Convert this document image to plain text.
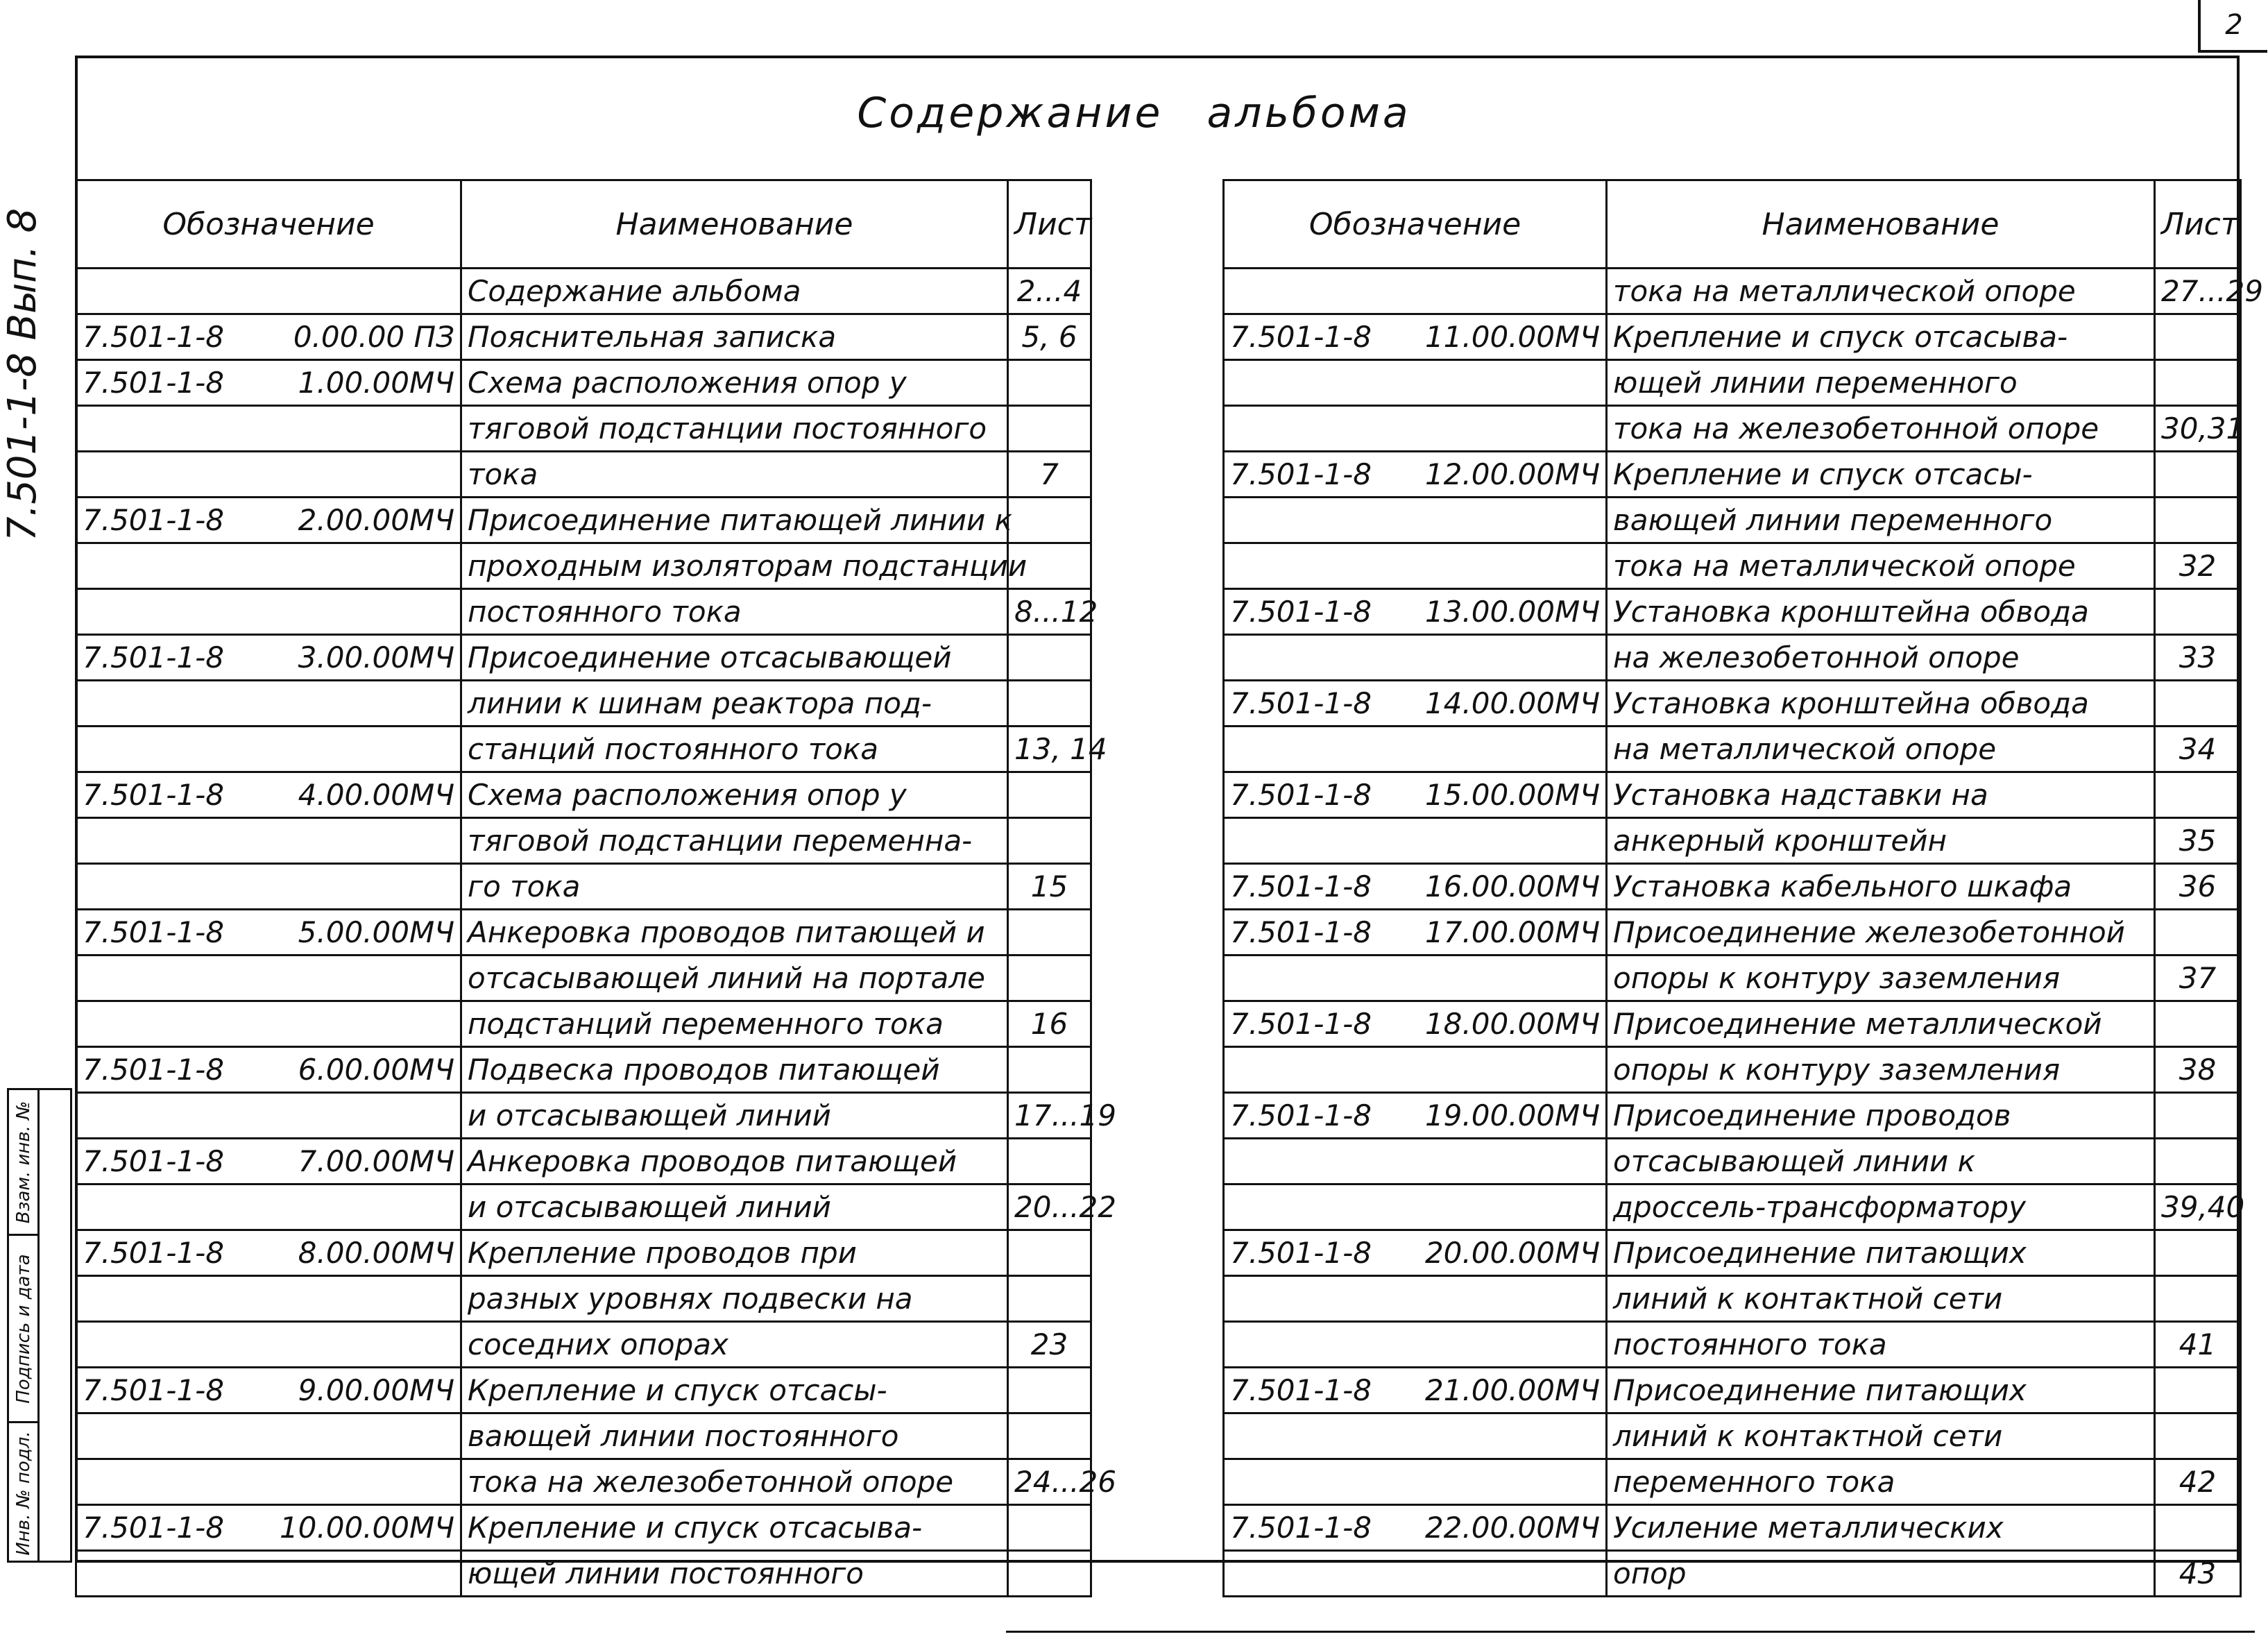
2
Содержание альбома
7.501-1-8 Вып. 8
Взам. инв. №
Подпись и дата
Инв. № подл.
Обозначение	Наименование	Лист

	Содержание альбома	2...4
7.501-1-8 0.00.00 ПЗ	Пояснительная записка	5, 6
7.501-1-8 1.00.00МЧ	Схема расположения опор у	

	тяговой подстанции постоянного	

	тока	7
7.501-1-8 2.00.00МЧ	Присоединение питающей линии к	

	проходным изоляторам подстанции	

	постоянного тока	8...12
7.501-1-8 3.00.00МЧ	Присоединение отсасывающей	

	линии к шинам реактора под-	

	станций постоянного тока	13, 14
7.501-1-8 4.00.00МЧ	Схема расположения опор у	

	тяговой подстанции переменна-	

	го тока	15
7.501-1-8 5.00.00МЧ	Анкеровка проводов питающей и	

	отсасывающей линий на портале	

	подстанций переменного тока	16
7.501-1-8 6.00.00МЧ	Подвеска проводов питающей	

	и отсасывающей линий	17...19
7.501-1-8 7.00.00МЧ	Анкеровка проводов питающей	

	и отсасывающей линий	20...22
7.501-1-8 8.00.00МЧ	Крепление проводов при	

	разных уровнях подвески на	

	соседних опорах	23
7.501-1-8 9.00.00МЧ	Крепление и спуск отсасы-	

	вающей линии постоянного	

	тока на железобетонной опоре	24...26
7.501-1-8 10.00.00МЧ	Крепление и спуск отсасыва-	

	ющей линии постоянного	
Обозначение	Наименование	Лист

	тока на металлической опоре	27...29
7.501-1-8 11.00.00МЧ	Крепление и спуск отсасыва-	

	ющей линии переменного	

	тока на железобетонной опоре	30,31
7.501-1-8 12.00.00МЧ	Крепление и спуск отсасы-	

	вающей линии переменного	

	тока на металлической опоре	32
7.501-1-8 13.00.00МЧ	Установка кронштейна обвода	

	на железобетонной опоре	33
7.501-1-8 14.00.00МЧ	Установка кронштейна обвода	

	на металлической опоре	34
7.501-1-8 15.00.00МЧ	Установка надставки на	

	анкерный кронштейн	35
7.501-1-8 16.00.00МЧ	Установка кабельного шкафа	36
7.501-1-8 17.00.00МЧ	Присоединение железобетонной	

	опоры к контуру заземления	37
7.501-1-8 18.00.00МЧ	Присоединение металлической	

	опоры к контуру заземления	38
7.501-1-8 19.00.00МЧ	Присоединение проводов	

	отсасывающей линии к	

	дроссель-трансформатору	39,40
7.501-1-8 20.00.00МЧ	Присоединение питающих	

	линий к контактной сети	

	постоянного тока	41
7.501-1-8 21.00.00МЧ	Присоединение питающих	

	линий к контактной сети	

	переменного тока	42
7.501-1-8 22.00.00МЧ	Усиление металлических	

	опор	43
